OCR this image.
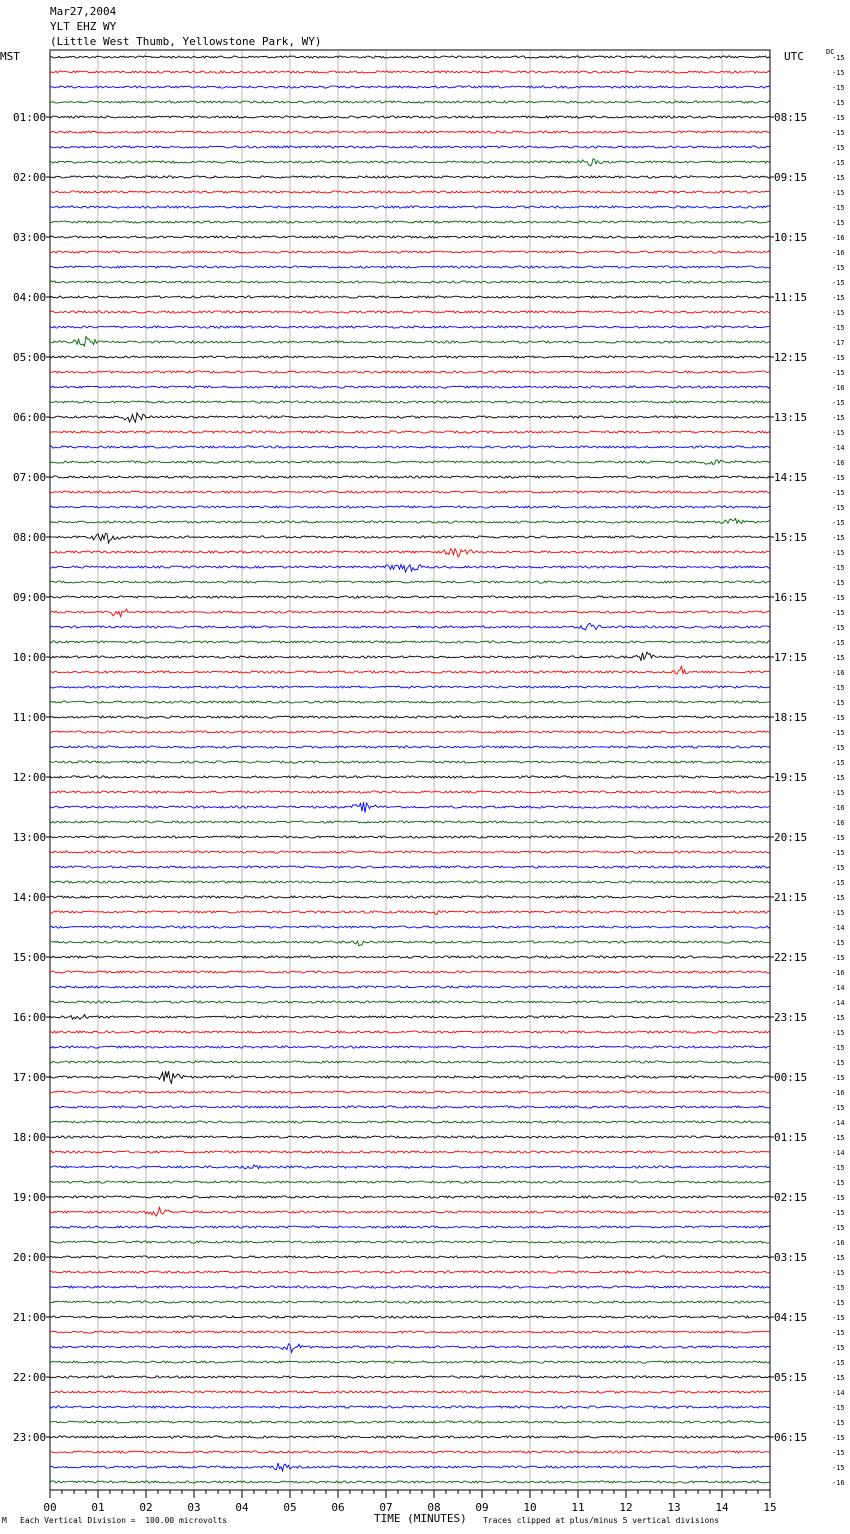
Mar27,2004
YLT EHZ WY
(Little West Thumb, Yellowstone Park, WY)
MST	UTC	DC
-15
-15
-15
-15
-15
-15
-15
-15
-15
-15
-15
-15
-16
-16
-15
-15
-15
-15
-15
-17
-15
-15
-16
-15
-15
-15
-14
-16
-15
-15
-15
-15
-15
-15
-15
-15
-15
-15
-15
-15
-15
-16
-15
-15
-15
-15
-15
-15
-15
-15
-16
-16
-15
-15
-15
-15
-15
-15
-14
-15
-15
-16
-14
-14
-15
-15
-15
-15
-15
-16
-15
-14
-15
-14
-15
-15
-15
-15
-15
-16
-15
-15
-15
-15
-15
-15
-15
-15
-15
-14
-15
-15
-15
-15
-15
-16
01:00
02:00
03:00
04:00
05:00
06:00
07:00
08:00
09:00
10:00
11:00
12:00
13:00
14:00
15:00
16:00
17:00
18:00
19:00
20:00
21:00
22:00
23:00
08:15
09:15
10:15
11:15
12:15
13:15
14:15
15:15
16:15
17:15
18:15
19:15
20:15
21:15
22:15
23:15
00:15
01:15
02:15
03:15
04:15
05:15
06:15
00	01	02	03	04	05	06	07	08	09	10	11	12	13	14	15
M Each Vertical Division =  100.00 microvolts	TIME (MINUTES) Traces clipped at plus/minus 5 vertical divisions
